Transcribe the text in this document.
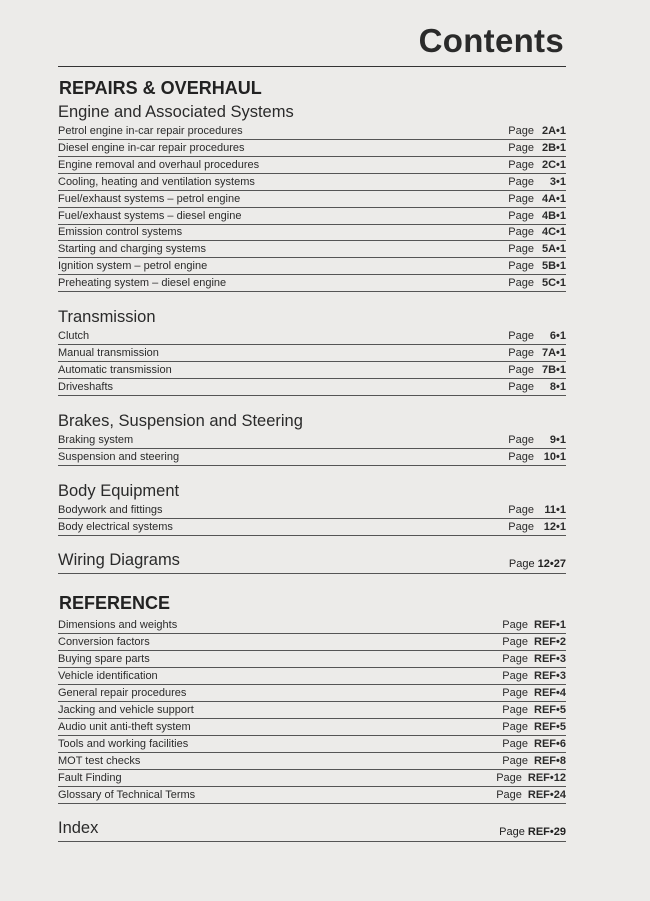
Contents
REPAIRS & OVERHAUL
Engine and Associated Systems
Petrol engine in-car repair procedures	Page 2A•1
Diesel engine in-car repair procedures	Page 2B•1
Engine removal and overhaul procedures	Page 2C•1
Cooling, heating and ventilation systems	Page 3•1
Fuel/exhaust systems – petrol engine	Page 4A•1
Fuel/exhaust systems – diesel engine	Page 4B•1
Emission control systems	Page 4C•1
Starting and charging systems	Page 5A•1
Ignition system – petrol engine	Page 5B•1
Preheating system – diesel engine	Page 5C•1
Transmission
Clutch	Page 6•1
Manual transmission	Page 7A•1
Automatic transmission	Page 7B•1
Driveshafts	Page 8•1
Brakes, Suspension and Steering
Braking system	Page 9•1
Suspension and steering	Page 10•1
Body Equipment
Bodywork and fittings	Page 11•1
Body electrical systems	Page 12•1
Wiring Diagrams	Page 12•27
REFERENCE
Dimensions and weights	Page REF•1
Conversion factors	Page REF•2
Buying spare parts	Page REF•3
Vehicle identification	Page REF•3
General repair procedures	Page REF•4
Jacking and vehicle support	Page REF•5
Audio unit anti-theft system	Page REF•5
Tools and working facilities	Page REF•6
MOT test checks	Page REF•8
Fault Finding	Page REF•12
Glossary of Technical Terms	Page REF•24
Index	Page REF•29
